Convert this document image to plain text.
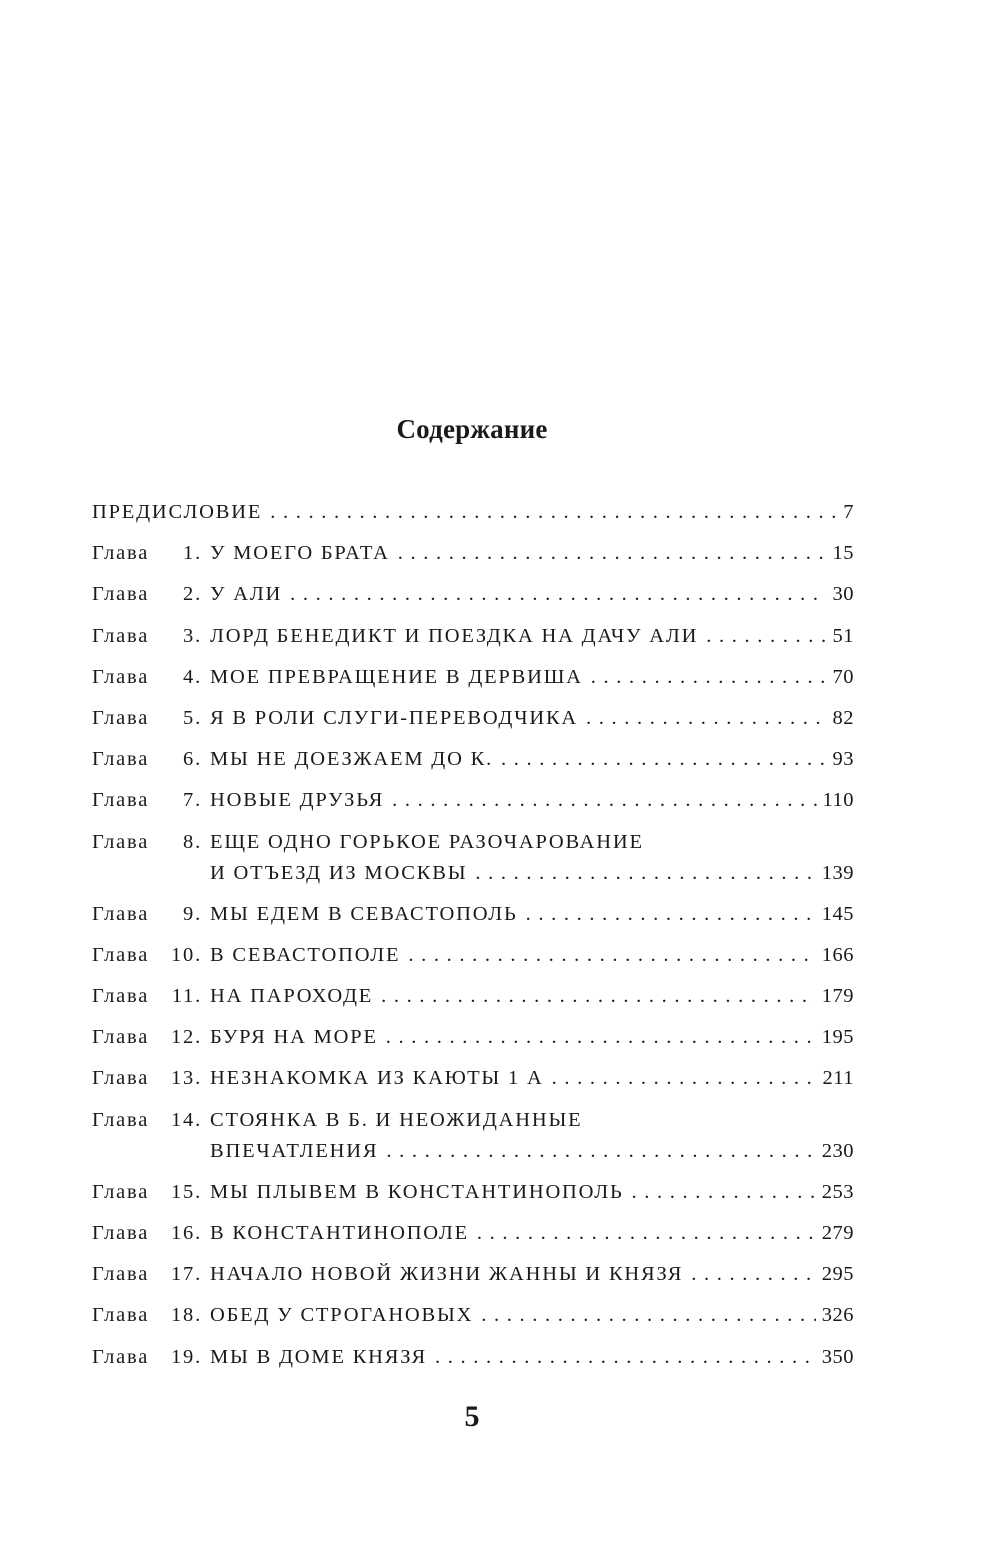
Содержание
ПРЕДИСЛОВИЕ . . .	7
Глава	1. У МОЕГО БРАТА . . .	15
Глава	2. У АЛИ . . .	30
Глава	3. ЛОРД БЕНЕДИКТ И ПОЕЗДКА НА ДАЧУ АЛИ . . .	51
Глава	4. МОЕ ПРЕВРАЩЕНИЕ В ДЕРВИША . . .	70
Глава	5. Я В РОЛИ СЛУГИ-ПЕРЕВОДЧИКА . . .	82
Глава	6. МЫ НЕ ДОЕЗЖАЕМ ДО К. . . .	93
Глава	7. НОВЫЕ ДРУЗЬЯ . . .	110
Глава	8. ЕЩЕ ОДНО ГОРЬКОЕ РАЗОЧАРОВАНИЕ
И ОТЪЕЗД ИЗ МОСКВЫ . . .	139
Глава	9. МЫ ЕДЕМ В СЕВАСТОПОЛЬ . . .	145
Глава	10. В СЕВАСТОПОЛЕ . . .	166
Глава	11. НА ПАРОХОДЕ . . .	179
Глава	12. БУРЯ НА МОРЕ . . .	195
Глава	13. НЕЗНАКОМКА ИЗ КАЮТЫ 1 А . . .	211
Глава	14. СТОЯНКА В Б. И НЕОЖИДАННЫЕ
ВПЕЧАТЛЕНИЯ . . .	230
Глава	15. МЫ ПЛЫВЕМ В КОНСТАНТИНОПОЛЬ . . .	253
Глава	16. В КОНСТАНТИНОПОЛЕ . . .	279
Глава	17. НАЧАЛО НОВОЙ ЖИЗНИ ЖАННЫ И КНЯЗЯ . . .	295
Глава	18. ОБЕД У СТРОГАНОВЫХ . . .	326
Глава	19. МЫ В ДОМЕ КНЯЗЯ . . .	350
5
